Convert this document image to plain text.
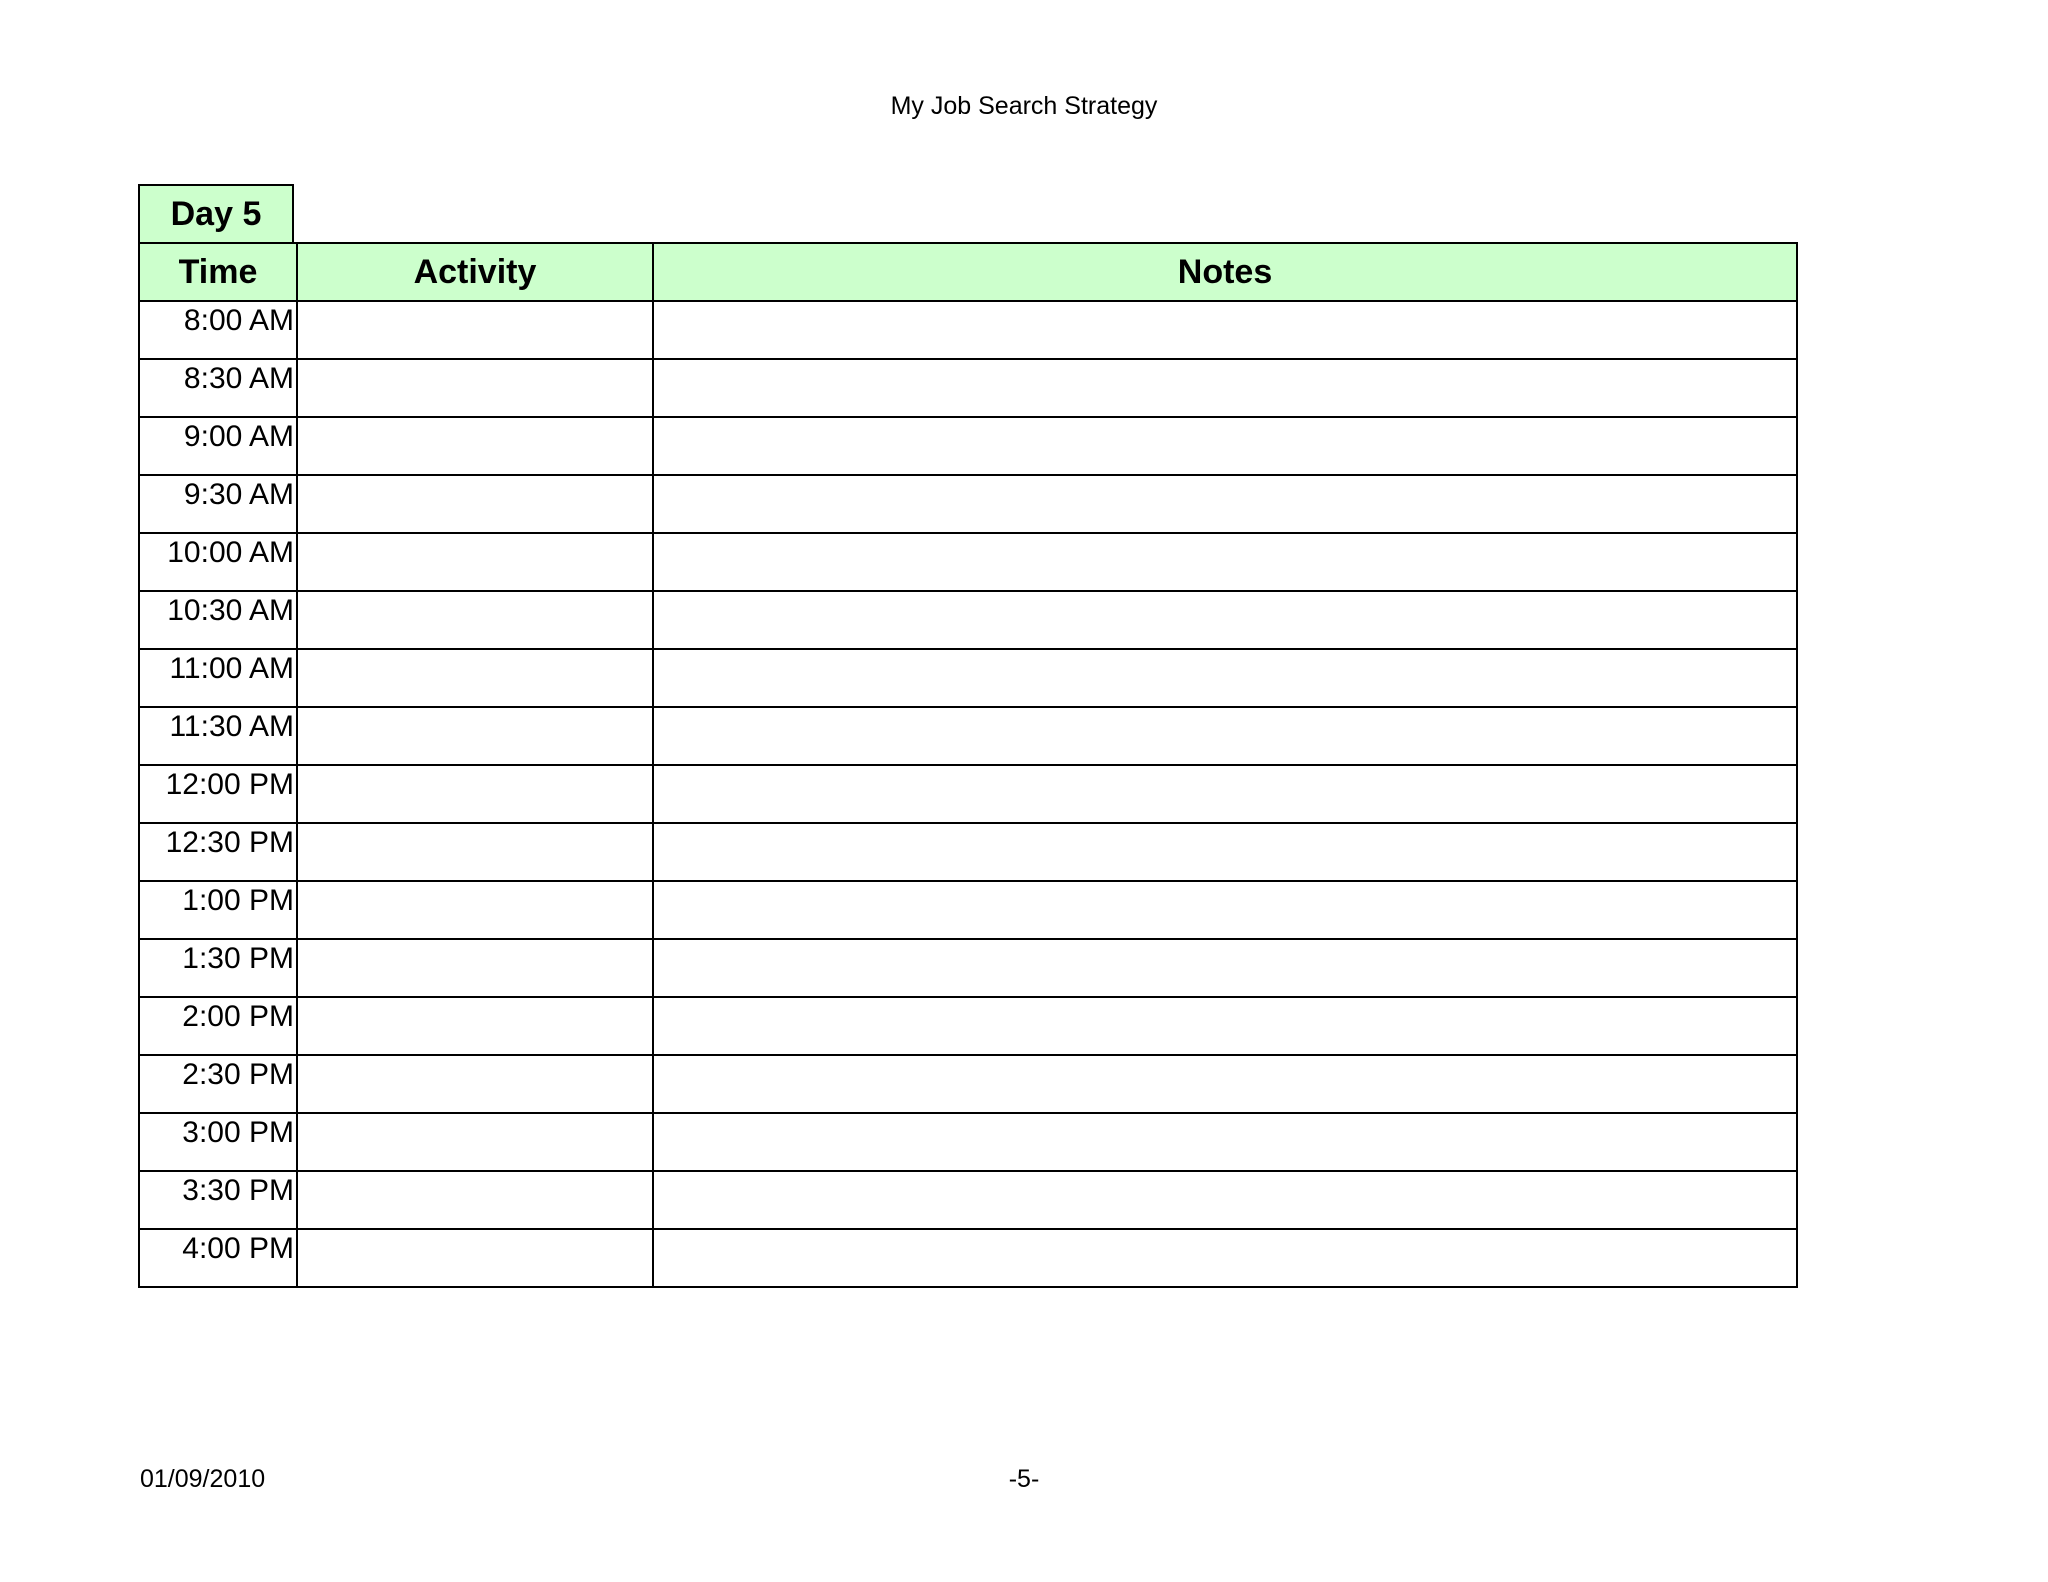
My Job Search Strategy
Day 5
Time	Activity	Notes
8:00 AM		
8:30 AM		
9:00 AM		
9:30 AM		
10:00 AM		
10:30 AM		
11:00 AM		
11:30 AM		
12:00 PM		
12:30 PM		
1:00 PM		
1:30 PM		
2:00 PM		
2:30 PM		
3:00 PM		
3:30 PM		
4:00 PM		
01/09/2010	-5-
